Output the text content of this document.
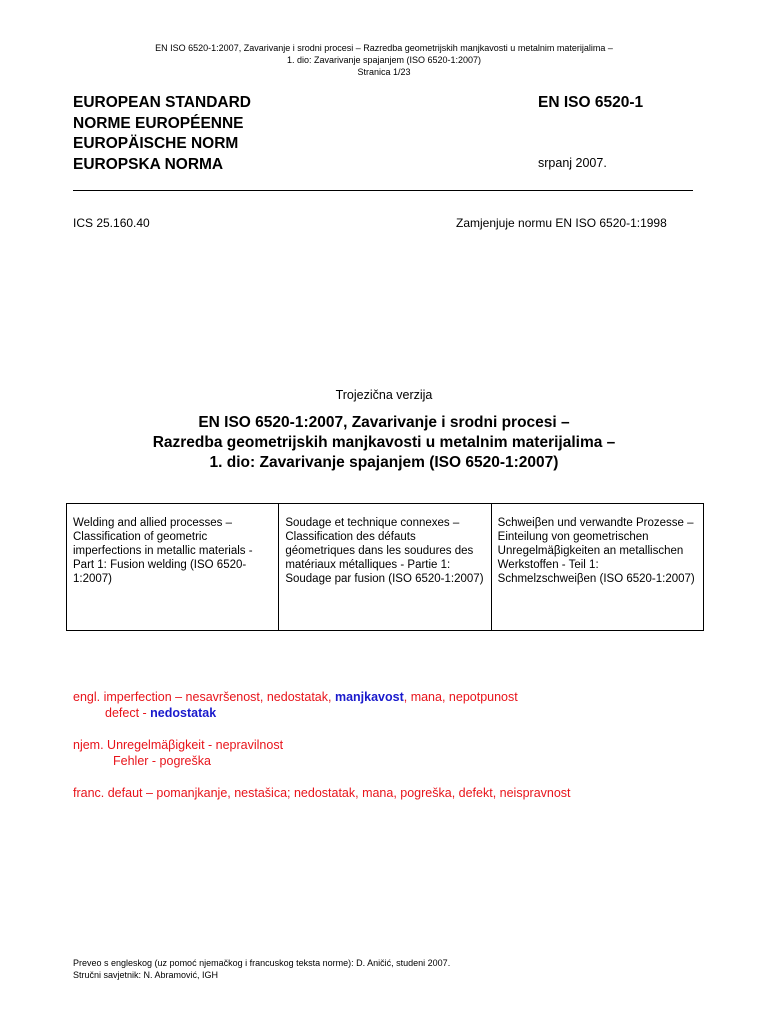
EN ISO 6520-1:2007, Zavarivanje i srodni procesi – Razredba geometrijskih manjkavosti u metalnim materijalima –
1. dio: Zavarivanje spajanjem (ISO 6520-1:2007)
Stranica 1/23
EUROPEAN STANDARD
NORME EUROPÉENNE
EUROPÄISCHE NORM
EUROPSKA NORMA
EN ISO 6520-1
srpanj 2007.
ICS 25.160.40	Zamjenjuje normu EN ISO 6520-1:1998
Trojezična verzija
EN ISO 6520-1:2007, Zavarivanje i srodni procesi –
Razredba geometrijskih manjkavosti u metalnim materijalima –
1. dio: Zavarivanje spajanjem (ISO 6520-1:2007)
Welding and allied processes – Classification of geometric imperfections in metallic materials - Part 1: Fusion welding (ISO 6520-1:2007)	Soudage et technique connexes – Classification des défauts géometriques dans les soudures des matériaux métalliques - Partie 1: Soudage par fusion (ISO 6520-1:2007)	Schweiβen und verwandte Prozesse – Einteilung von geometrischen Unregelmäβigkeiten an metallischen Werkstoffen - Teil 1: Schmelzschweiβen (ISO 6520-1:2007)
engl. imperfection – nesavršenost, nedostatak, manjkavost, mana, nepotpunost
defect - nedostatak
njem. Unregelmäβigkeit - nepravilnost
Fehler - pogreška
franc. defaut – pomanjkanje, nestašica; nedostatak, mana, pogreška, defekt, neispravnost
Preveo s engleskog (uz pomoć njemačkog i francuskog teksta norme): D. Aničić, studeni 2007.
Stručni savjetnik: N. Abramović, IGH
